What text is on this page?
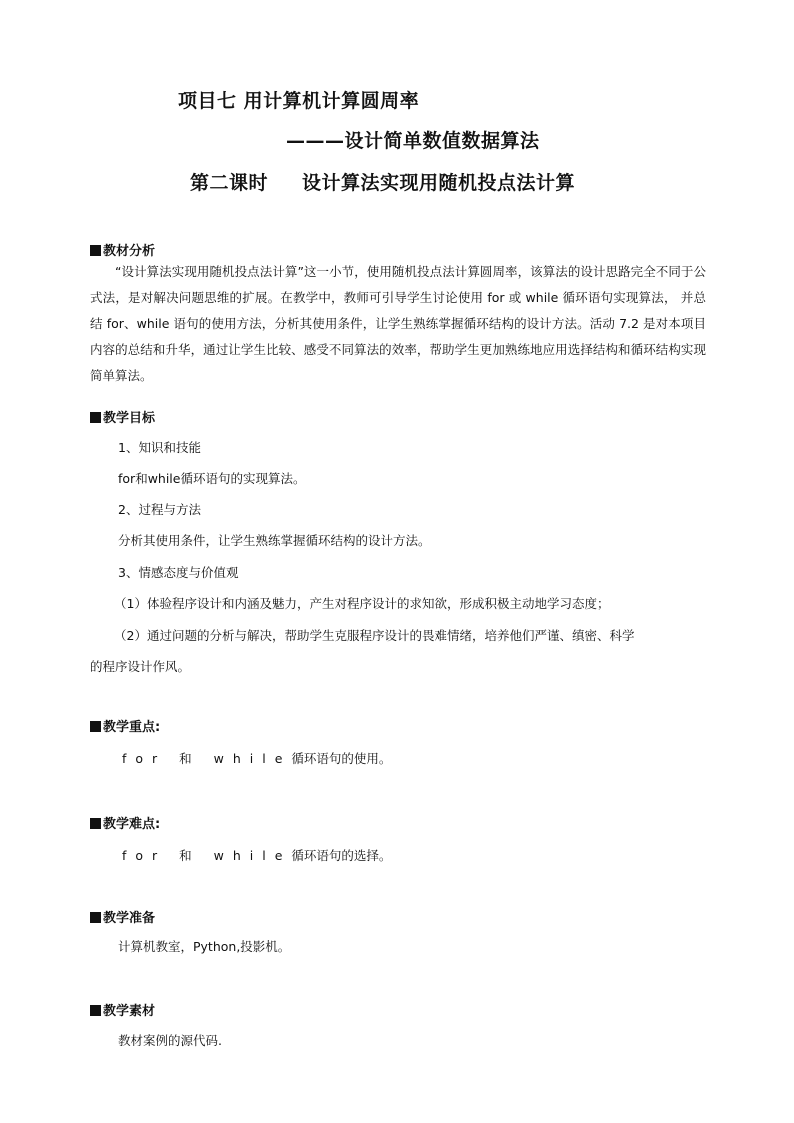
项目七 用计算机计算圆周率
———设计简单数值数据算法
第二课时 设计算法实现用随机投点法计算
教材分析
“设计算法实现用随机投点法计算”这一小节，使用随机投点法计算圆周率，该算法的设计思路完全不同于公式法，是对解决问题思维的扩展。在教学中，教师可引导学生讨论使用 for 或 while 循环语句实现算法， 并总结 for、while 语句的使用方法，分析其使用条件，让学生熟练掌握循环结构的设计方法。活动 7.2 是对本项目内容的总结和升华，通过让学生比较、感受不同算法的效率，帮助学生更加熟练地应用选择结构和循环结构实现简单算法。
教学目标
1、知识和技能
for和while循环语句的实现算法。
2、过程与方法
分析其使用条件，让学生熟练掌握循环结构的设计方法。
3、情感态度与价值观
（1）体验程序设计和内涵及魅力，产生对程序设计的求知欲，形成积极主动地学习态度；
（2）通过问题的分析与解决，帮助学生克服程序设计的畏难情绪，培养他们严谨、缜密、科学
的程序设计作风。
教学重点:
for 和 while循环语句的使用。
教学难点:
for 和 while循环语句的选择。
教学准备
计算机教室，Python,投影机。
教学素材
教材案例的源代码.
